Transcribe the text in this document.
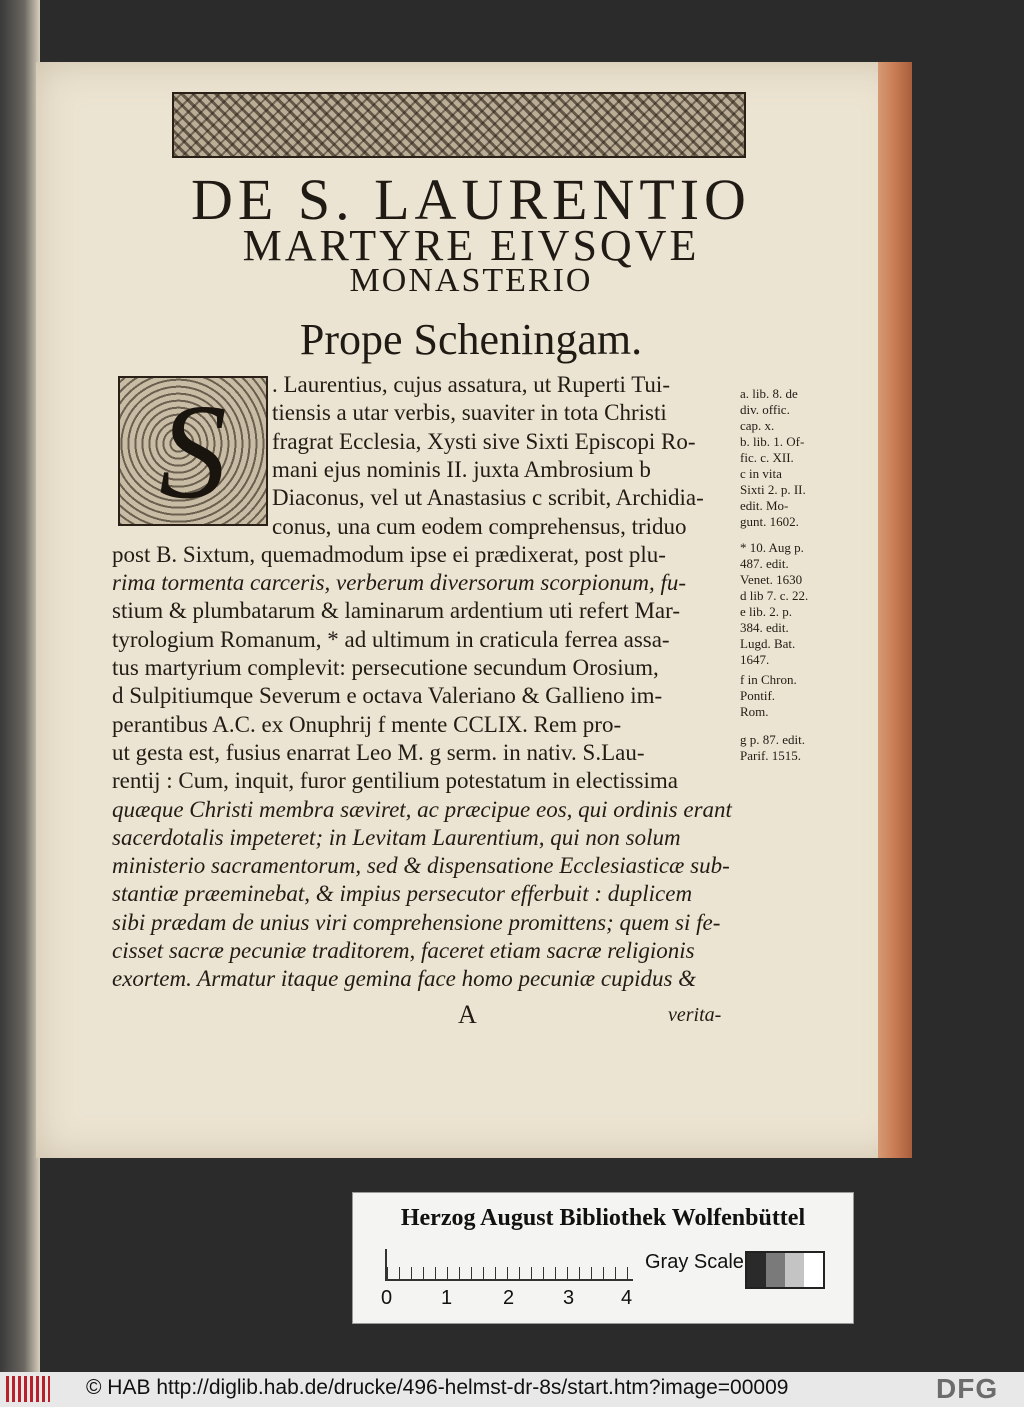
DE S. LAURENTIO
MARTYRE EIVSQVE
MONASTERIO
Prope Scheningam.
S	. Laurentius, cujus assatura, ut Ruperti Tui-
tiensis a utar verbis, suaviter in tota Christi
fragrat Ecclesia, Xysti sive Sixti Episcopi Ro-
mani ejus nominis II. juxta Ambrosium b
Diaconus, vel ut Anastasius c scribit, Archidia-
conus, una cum eodem comprehensus, triduo
post B. Sixtum, quemadmodum ipse ei prædixerat, post plu-
rima tormenta carceris, verberum diversorum scorpionum, fu-
stium & plumbatarum & laminarum ardentium uti refert Mar-
tyrologium Romanum, * ad ultimum in craticula ferrea assa-
tus martyrium complevit: persecutione secundum Orosium,
d Sulpitiumque Severum e octava Valeriano & Gallieno im-
perantibus A.C. ex Onuphrij f mente CCLIX. Rem pro-
ut gesta est, fusius enarrat Leo M. g serm. in nativ. S.Lau-
rentij : Cum, inquit, furor gentilium potestatum in electissima
quæque Christi membra sæviret, ac præcipue eos, qui ordinis erant
sacerdotalis impeteret; in Levitam Laurentium, qui non solum
ministerio sacramentorum, sed & dispensatione Ecclesiasticæ sub-
stantiæ præeminebat, & impius persecutor efferbuit : duplicem
sibi prædam de unius viri comprehensione promittens; quem si fe-
cisset sacræ pecuniæ traditorem, faceret etiam sacræ religionis
exortem. Armatur itaque gemina face homo pecuniæ cupidus &
a. lib. 8. de
div. offic.
cap. x.
b. lib. 1. Of-
fic. c. XII.
c in vita
Sixti 2. p. II.
edit. Mo-
gunt. 1602.
* 10. Aug p.
487. edit.
Venet. 1630
d lib 7. c. 22.
e lib. 2. p.
384. edit.
Lugd. Bat.
1647.
f in Chron.
Pontif.
Rom.
g p. 87. edit.
Parif. 1515.
A	verita-
Herzog August Bibliothek Wolfenbüttel
0 1	2 3 4
Gray Scale
© HAB http://diglib.hab.de/drucke/496-helmst-dr-8s/start.htm?image=00009	DFG
